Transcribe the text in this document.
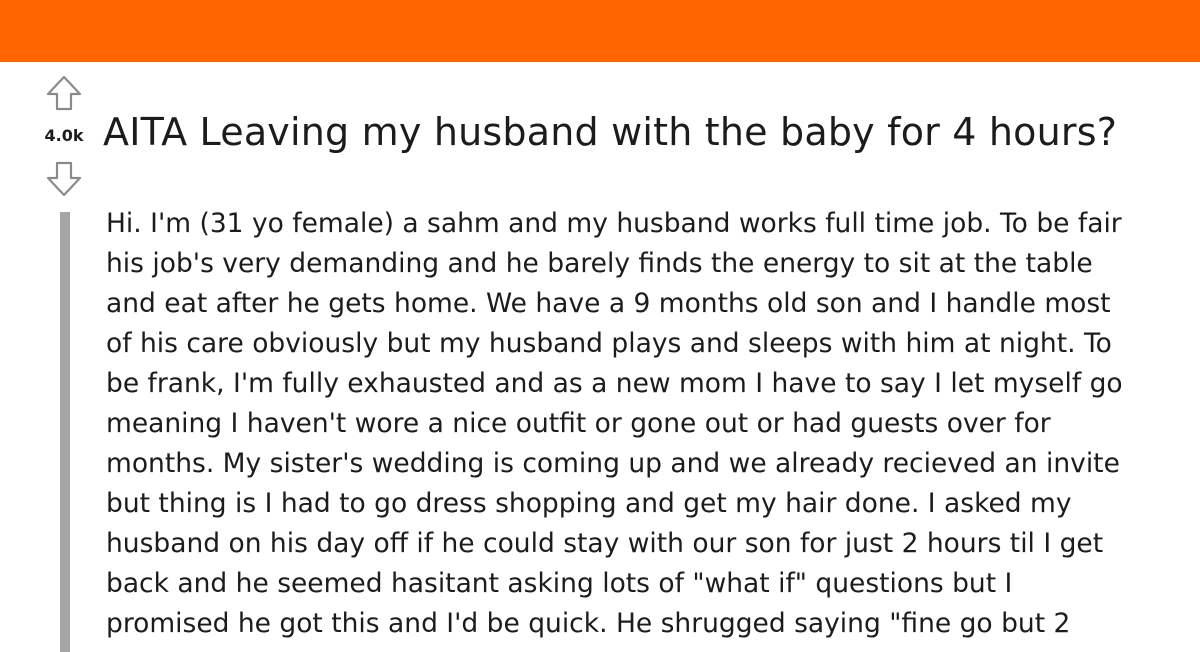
4.0k AITA Leaving my husband with the baby for 4 hours?

Hi. I'm (31 yo female) a sahm and my husband works full time job. To be fair
his job's very demanding and he barely finds the energy to sit at the table
and eat after he gets home. We have a 9 months old son and I handle most
of his care obviously but my husband plays and sleeps with him at night. To
be frank, I'm fully exhausted and as a new mom I have to say I let myself go
meaning I haven't wore a nice outfit or gone out or had guests over for
months. My sister's wedding is coming up and we already recieved an invite
but thing is I had to go dress shopping and get my hair done. I asked my
husband on his day off if he could stay with our son for just 2 hours til I get
back and he seemed hasitant asking lots of "what if" questions but I
promised he got this and I'd be quick. He shrugged saying "fine go but 2
